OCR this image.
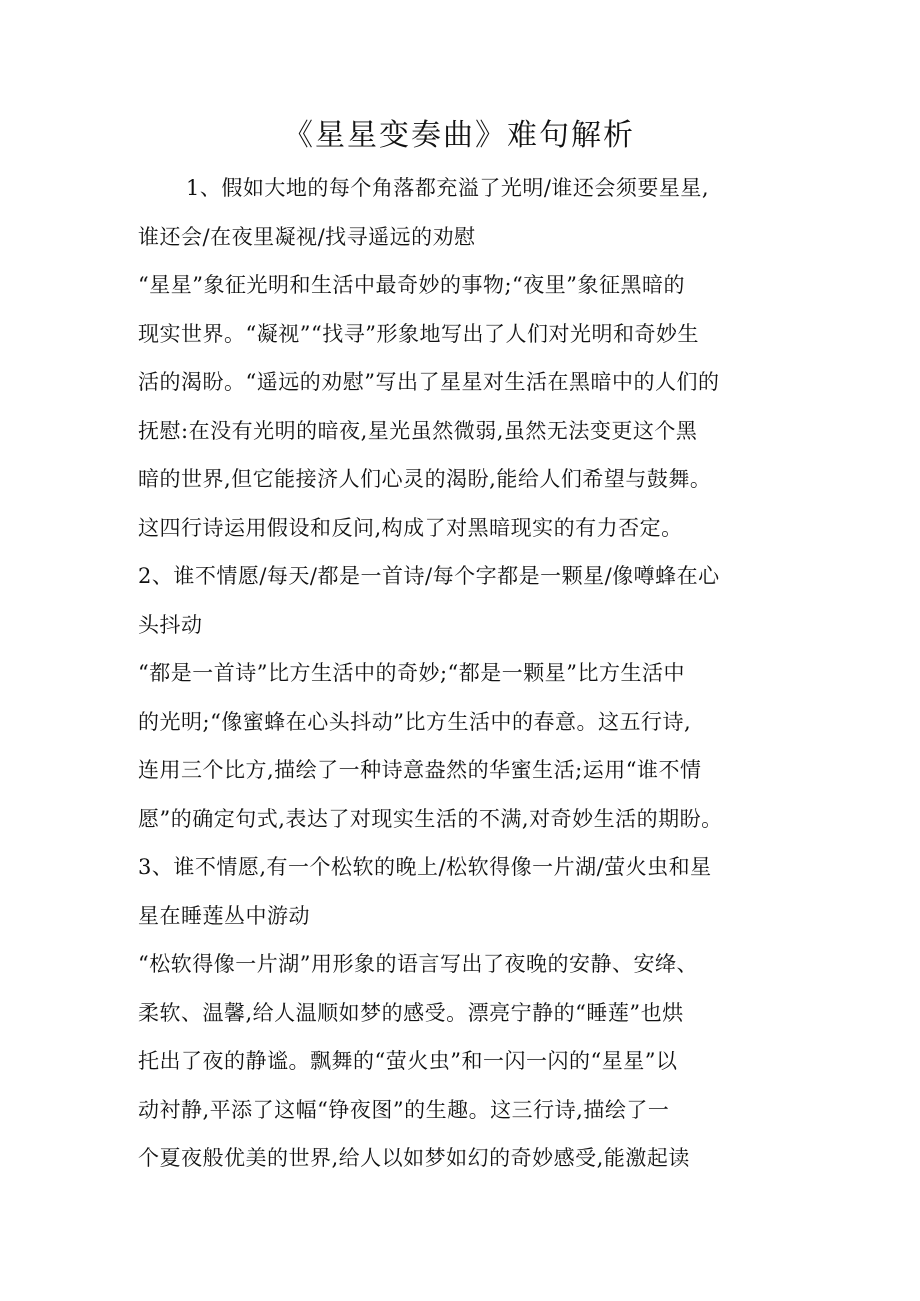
《星星变奏曲》难句解析
1、假如大地的每个角落都充溢了光明/谁还会须要星星,
谁还会/在夜里凝视/找寻遥远的劝慰
“星星”象征光明和生活中最奇妙的事物;“夜里”象征黑暗的
现实世界。“凝视”“找寻”形象地写出了人们对光明和奇妙生
活的渴盼。“遥远的劝慰”写出了星星对生活在黑暗中的人们的
抚慰:在没有光明的暗夜,星光虽然微弱,虽然无法变更这个黑
暗的世界,但它能接济人们心灵的渴盼,能给人们希望与鼓舞。
这四行诗运用假设和反问,构成了对黑暗现实的有力否定。
2、谁不情愿/每天/都是一首诗/每个字都是一颗星/像噂蜂在心
头抖动
“都是一首诗”比方生活中的奇妙;“都是一颗星”比方生活中
的光明;“像蜜蜂在心头抖动”比方生活中的春意。这五行诗,
连用三个比方,描绘了一种诗意盎然的华蜜生活;运用“谁不情
愿”的确定句式,表达了对现实生活的不满,对奇妙生活的期盼。
3、谁不情愿,有一个松软的晚上/松软得像一片湖/萤火虫和星
星在睡莲丛中游动
“松软得像一片湖”用形象的语言写出了夜晚的安静、安绛、
柔软、温馨,给人温顺如梦的感受。漂亮宁静的“睡莲”也烘
托出了夜的静谧。飘舞的“萤火虫”和一闪一闪的“星星”以
动衬静,平添了这幅“铮夜图”的生趣。这三行诗,描绘了一
个夏夜般优美的世界,给人以如梦如幻的奇妙感受,能激起读
